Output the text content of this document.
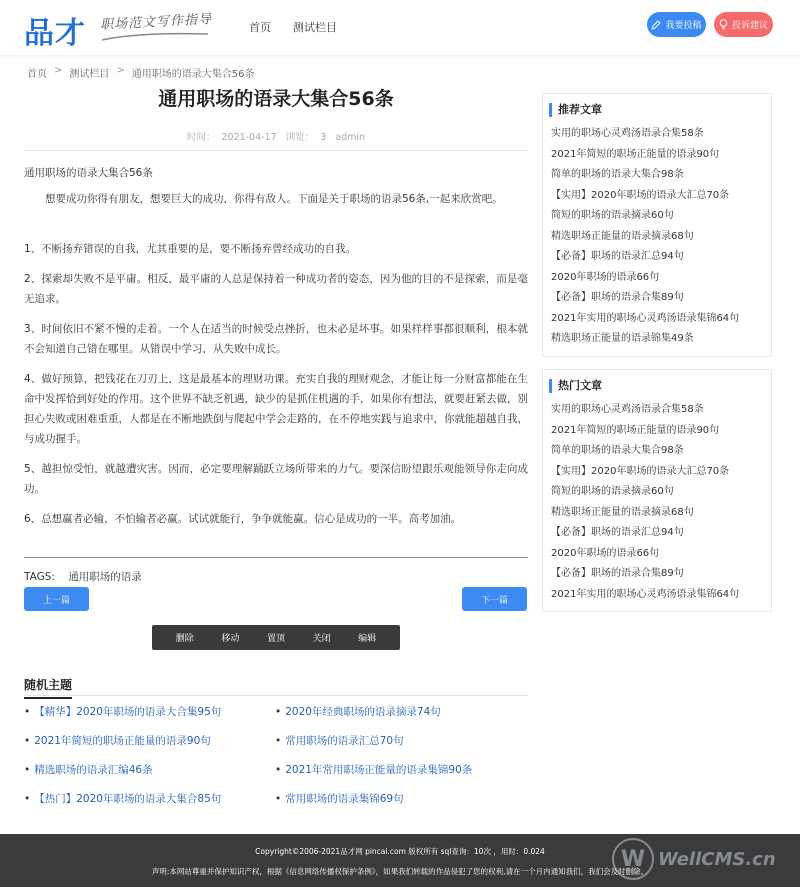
品才 职场范文写作指导	首页 测试栏目	我要投稿	投诉建议
首页 > 测试栏目 > 通用职场的语录大集合56条
通用职场的语录大集合56条
时间： 2021-04-17 浏览： 3 admin

通用职场的语录大集合56条

想要成功你得有朋友，想要巨大的成功，你得有敌人。下面是关于职场的语录56条,一起来欣赏吧。

1、不断扬弃错误的自我，尤其重要的是，要不断扬弃曾经成功的自我。

2、探索却失败不是平庸。相反，最平庸的人总是保持着一种成功者的姿态，因为他的目的不是探索，而是毫无追求。

3、时间依旧不紧不慢的走着。一个人在适当的时候受点挫折，也未必是坏事。如果样样事都很顺利，根本就不会知道自己错在哪里。从错误中学习，从失败中成长。

4、做好预算，把钱花在刀刃上，这是最基本的理财功课。充实自我的理财观念，才能让每一分财富都能在生命中发挥恰到好处的作用。这个世界不缺乏机遇，缺少的是抓住机遇的手，如果你有想法，就要赶紧去做，别担心失败或困难重重，人都是在不断地跌倒与爬起中学会走路的，在不停地实践与追求中，你就能超越自我，与成功握手。

5、越担惊受怕，就越遭灾害。因而，必定要理解踊跃立场所带来的力气。要深信盼望跟乐观能领导你走向成功。

6、总想赢者必输，不怕输者必赢。试试就能行，争争就能赢。信心是成功的一半。高考加油。

TAGS: 通用职场的语录
上一篇	下一篇
删除	移动	置顶	关闭	编辑
随机主题
• 【精华】2020年职场的语录大合集95句	• 2020年经典职场的语录摘录74句
• 2021年简短的职场正能量的语录90句	• 常用职场的语录汇总70句
• 精选职场的语录汇编46条	• 2021年常用职场正能量的语录集锦90条
• 【热门】2020年职场的语录大集合85句	• 常用职场的语录集锦69句
推荐文章
实用的职场心灵鸡汤语录合集58条
2021年简短的职场正能量的语录90句
简单的职场的语录大集合98条
【实用】2020年职场的语录大汇总70条
简短的职场的语录摘录60句
精选职场正能量的语录摘录68句
【必备】职场的语录汇总94句
2020年职场的语录66句
【必备】职场的语录合集89句
2021年实用的职场心灵鸡汤语录集锦64句
精选职场正能量的语录锦集49条
热门文章
实用的职场心灵鸡汤语录合集58条
2021年简短的职场正能量的语录90句
简单的职场的语录大集合98条
【实用】2020年职场的语录大汇总70条
简短的职场的语录摘录60句
精选职场正能量的语录摘录68句
【必备】职场的语录汇总94句
2020年职场的语录66句
【必备】职场的语录合集89句
2021年实用的职场心灵鸡汤语录集锦64句
Copyright©2006-2021品才网 pincai.com 版权所有 sql查询：10次 ，用时：0.024
声明:本网站尊重并保护知识产权，根据《信息网络传播权保护条例》，如果我们转载的作品侵犯了您的权利,请在一个月内通知我们，我们会及时删除。
W WellCMS.cn
